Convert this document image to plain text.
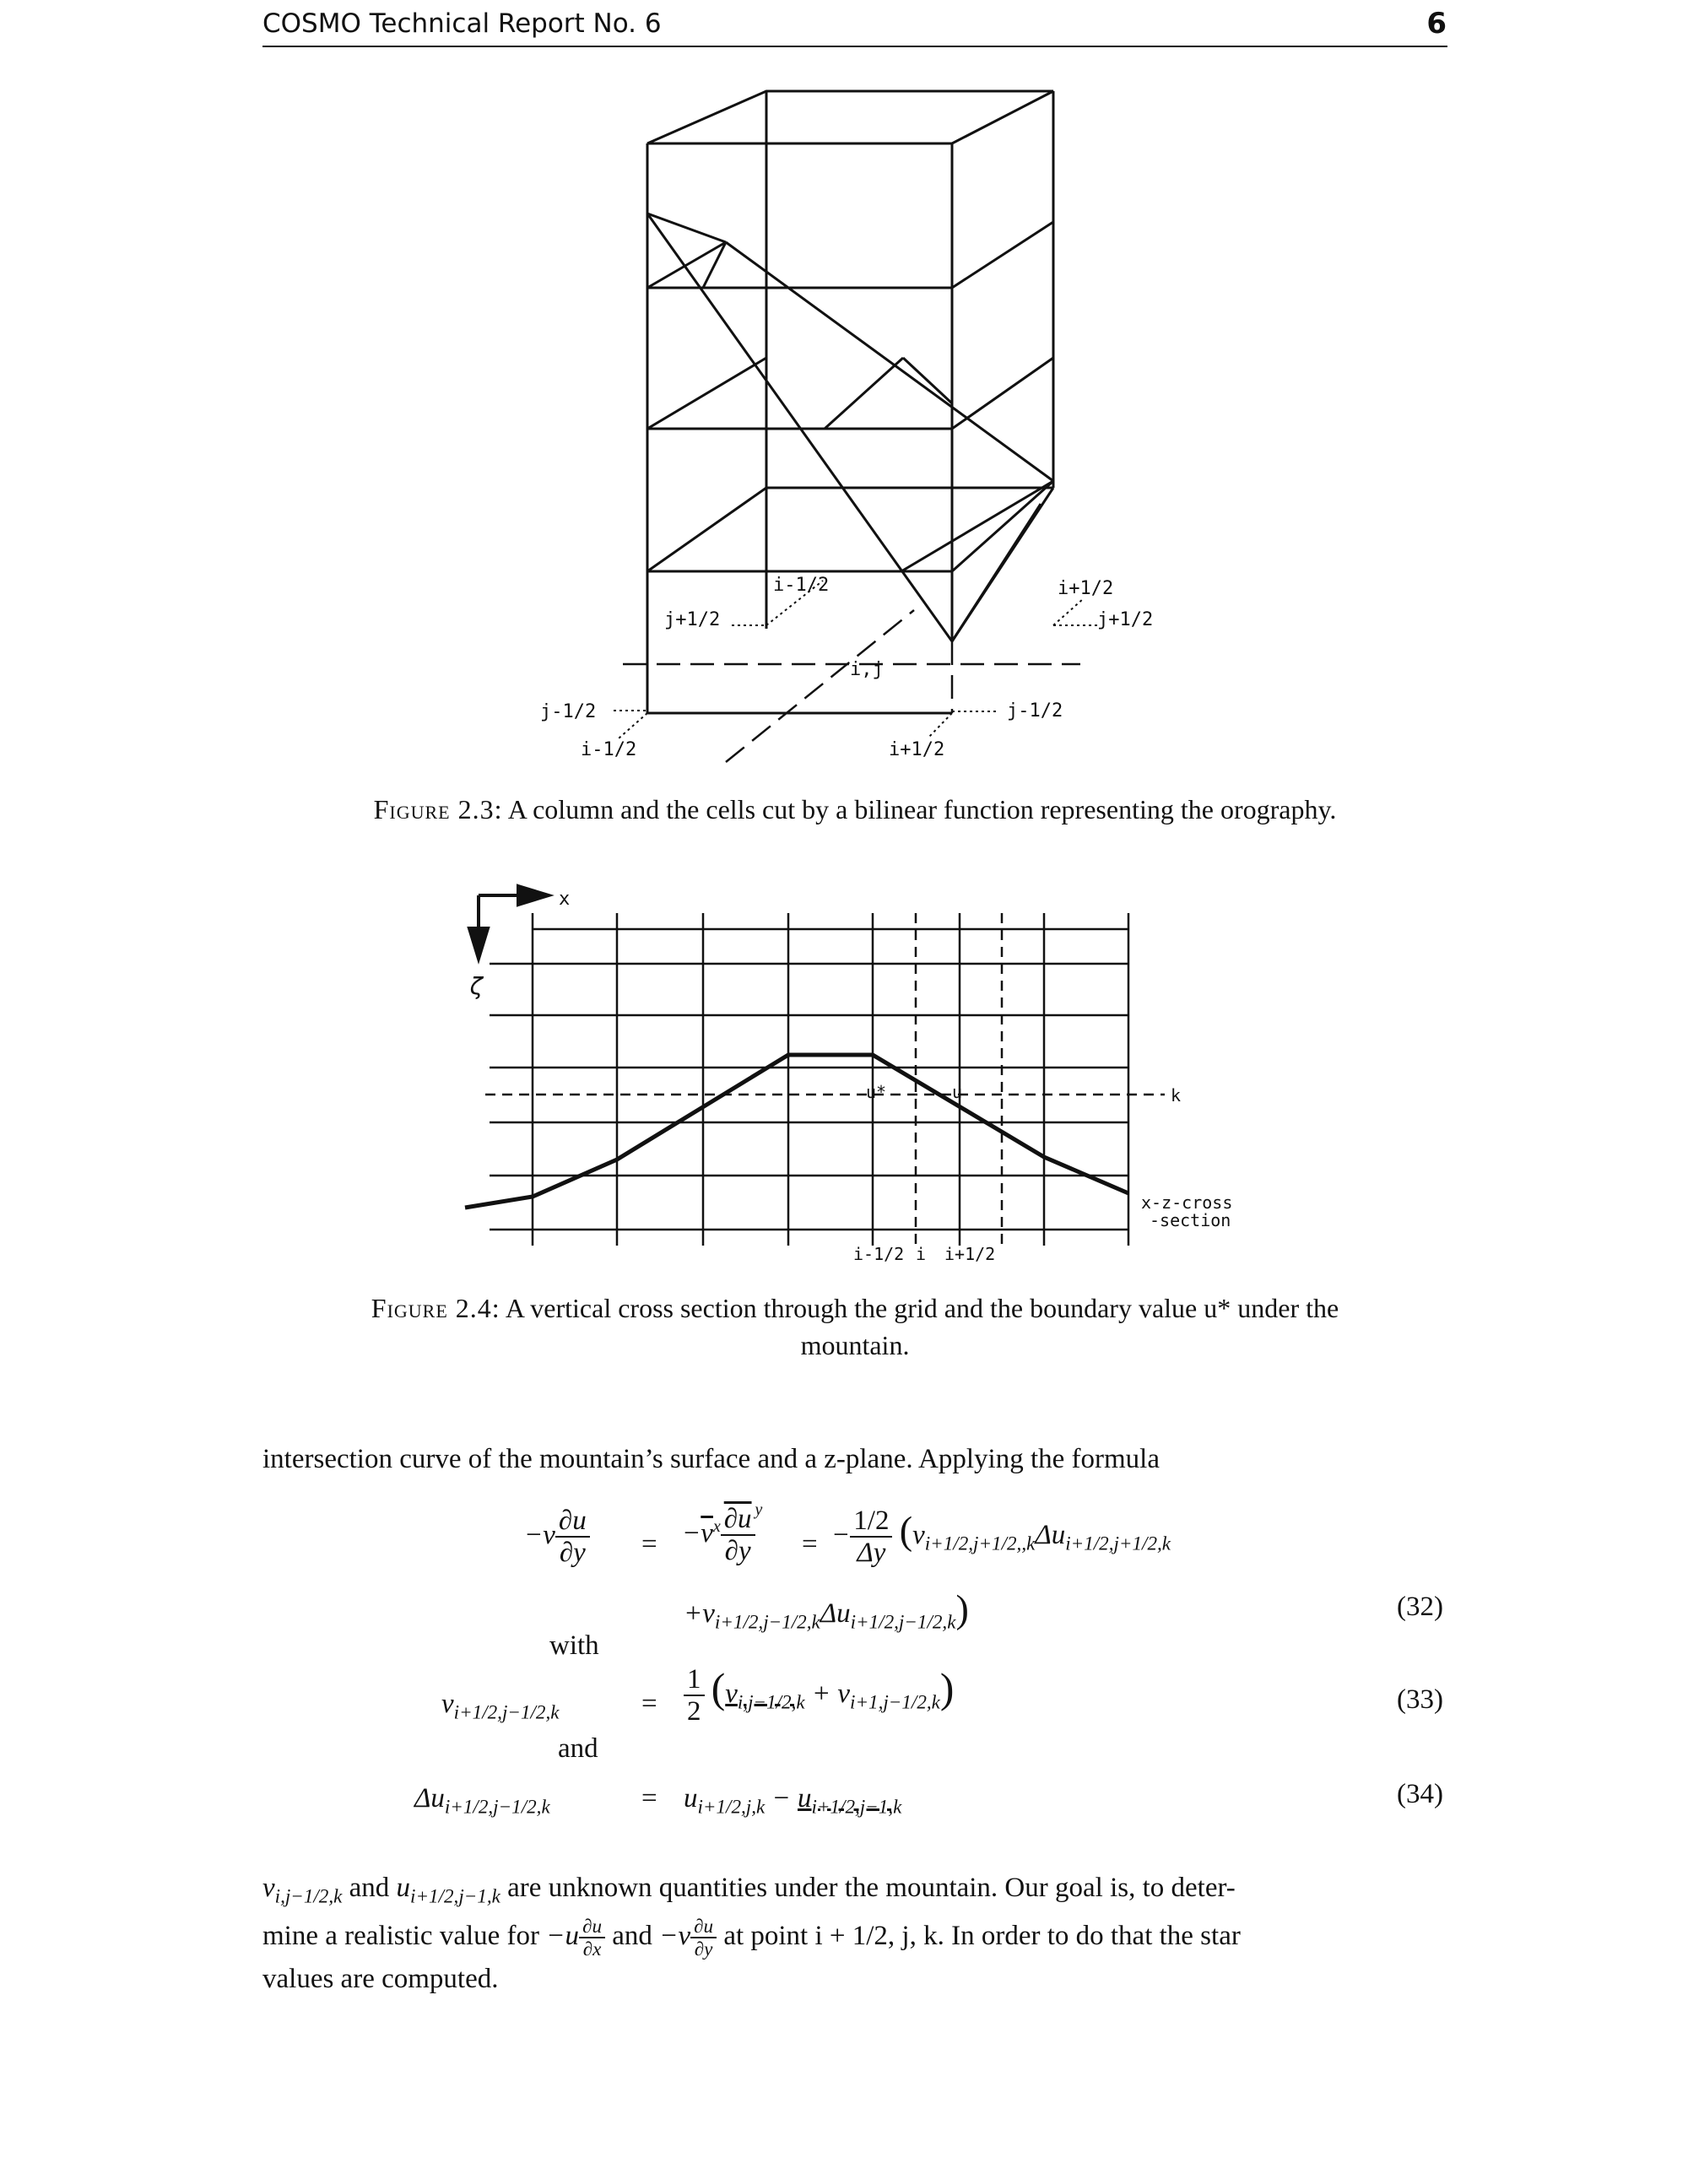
COSMO Technical Report No. 6	6
i-1/2	i+1/2
j+1/2	j+1/2
i,j
j-1/2	j-1/2
i-1/2	i+1/2
Figure 2.3: A column and the cells cut by a bilinear function representing the orography.
x
ζ
u*	u	k
x-z-cross
-section
i-1/2 i i+1/2
Figure 2.4: A vertical cross section through the grid and the boundary value u* under the
mountain.
intersection curve of the mountain’s surface and a z-plane. Applying the formula
$-v \frac{\partial u}{\partial y} = -\overline{v}^x \frac{\partial u}{\partial y} ^y$
= − $\frac{1/2}{\Delta y} (v_{i+1/2,j+1/2,,k}\Delta u_{i+1/2,j+1/2,k}$
$+v_{i+1/2,j-1/2,k}\Delta u_{i+1/2,j-1/2,k}$)	(32)
with
$v_{i+1/2,j-1/2,k}$	= $\frac{1}{2} (v_{i,j-1/2,k} + v_{i+1,j-1/2,k})$	(33)
and
$\Delta u_{i+1/2,j-1/2,k}$	= $u_{i+1/2,j,k} - u_{i+1/2,j-1,k}$	(34)
$v_{i,j-1/2,k}$ and $u_{i+1/2,j-1,k}$ are unknown quantities under the mountain. Our goal is, to deter-
mine a realistic value for $-u \frac{\partial u}{\partial x}$ and $-v \frac{\partial u}{\partial y}$ at point i + 1/2, j, k. In order to do that the star
values are computed.
